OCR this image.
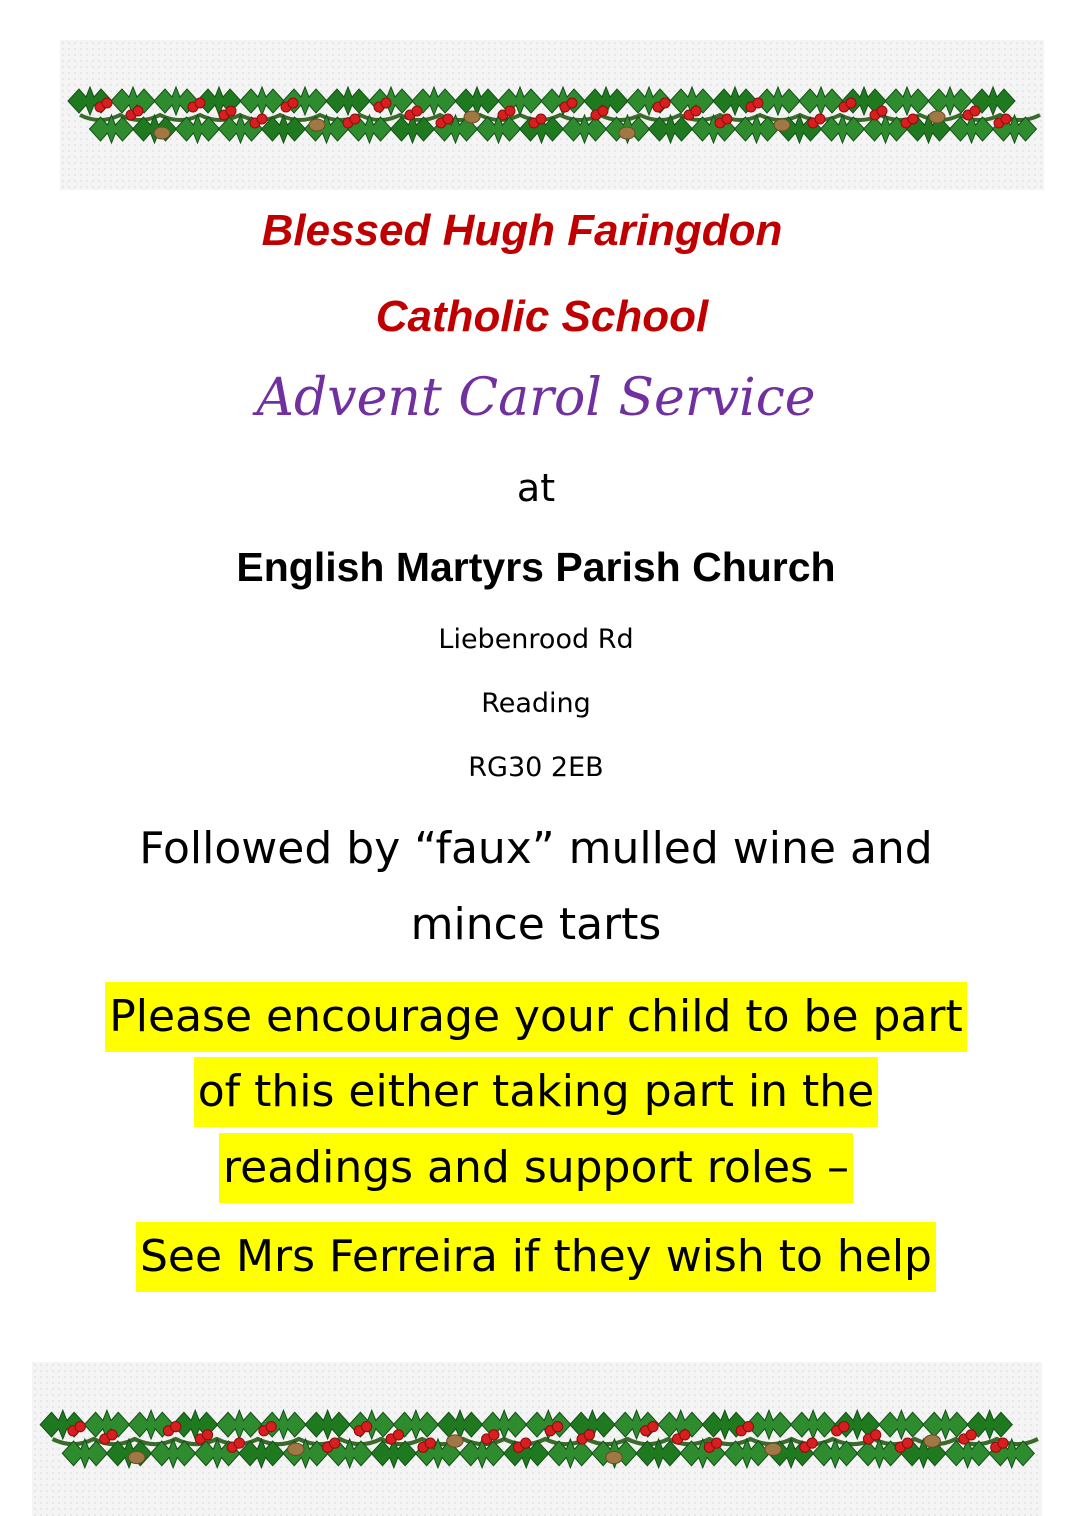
Blessed Hugh Faringdon
Catholic School
Advent Carol Service
at
English Martyrs Parish Church
Liebenrood Rd
Reading
RG30 2EB
Followed by “faux” mulled wine and
mince tarts
Please encourage your child to be part
of this either taking part in the
readings and support roles –
See Mrs Ferreira if they wish to help
